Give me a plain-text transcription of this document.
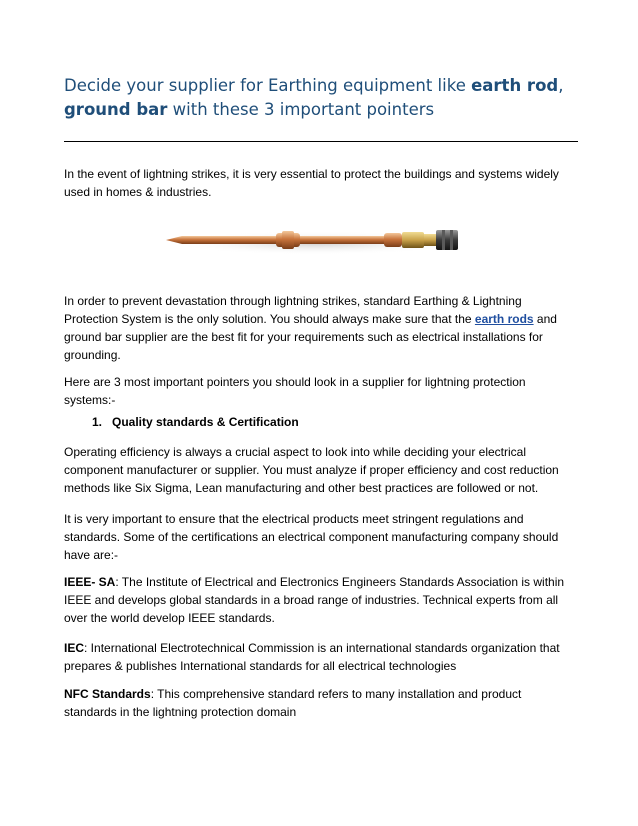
Decide your supplier for Earthing equipment like earth rod, ground bar with these 3 important pointers

In the event of lightning strikes, it is very essential to protect the buildings and systems widely used in homes & industries.

In order to prevent devastation through lightning strikes, standard Earthing & Lightning Protection System is the only solution. You should always make sure that the earth rods and ground bar supplier are the best fit for your requirements such as electrical installations for grounding.

Here are 3 most important pointers you should look in a supplier for lightning protection systems:-

1. Quality standards & Certification

Operating efficiency is always a crucial aspect to look into while deciding your electrical component manufacturer or supplier. You must analyze if proper efficiency and cost reduction methods like Six Sigma, Lean manufacturing and other best practices are followed or not.

It is very important to ensure that the electrical products meet stringent regulations and standards. Some of the certifications an electrical component manufacturing company should have are:-

IEEE- SA: The Institute of Electrical and Electronics Engineers Standards Association is within IEEE and develops global standards in a broad range of industries. Technical experts from all over the world develop IEEE standards.

IEC: International Electrotechnical Commission is an international standards organization that prepares & publishes International standards for all electrical technologies

NFC Standards: This comprehensive standard refers to many installation and product standards in the lightning protection domain
